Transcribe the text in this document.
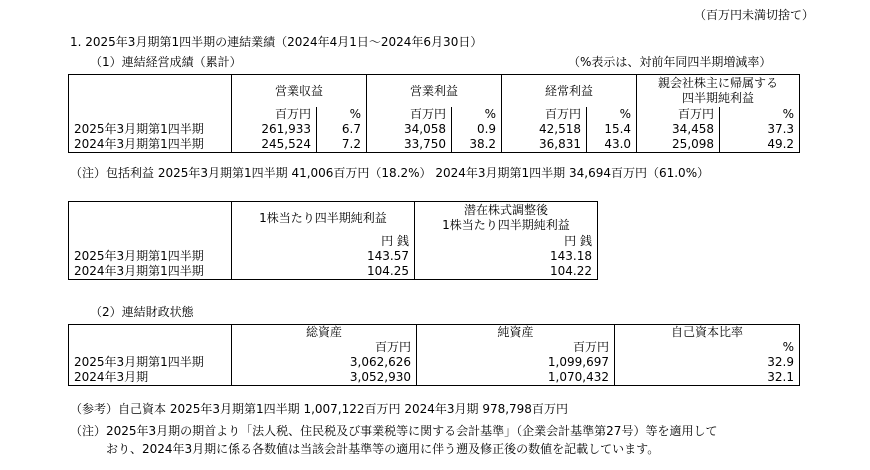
（百万円未満切捨て）
1. 2025年3月期第1四半期の連結業績（2024年4月1日～2024年6月30日）
（1）連結経営成績（累計）	（%表示は、対前年同四半期増減率）
	営業収益		営業利益		経常利益		親会社株主に帰属する
四半期純利益	

	百万円	%	百万円	%	百万円	%	百万円	%
2025年3月期第1四半期	261,933	6.7	34,058	0.9	42,518	15.4	34,458	37.3
2024年3月期第1四半期	245,524	7.2	33,750	38.2	36,831	43.0	25,098	49.2
（注）包括利益 2025年3月期第1四半期 41,006百万円（18.2%） 2024年3月期第1四半期 34,694百万円（61.0%）
	1株当たり四半期純利益	潜在株式調整後
1株当たり四半期純利益

	円 銭	円 銭
2025年3月期第1四半期	143.57	143.18
2024年3月期第1四半期	104.25	104.22
（2）連結財政状態
	総資産	純資産	自己資本比率
	百万円	百万円	%
2025年3月期第1四半期	3,062,626	1,099,697	32.9
2024年3月期	3,052,930	1,070,432	32.1
（参考）自己資本 2025年3月期第1四半期 1,007,122百万円 2024年3月期 978,798百万円
（注）2025年3月期の期首より「法人税、住民税及び事業税等に関する会計基準」（企業会計基準第27号）等を適用して
おり、2024年3月期に係る各数値は当該会計基準等の適用に伴う遡及修正後の数値を記載しています。
